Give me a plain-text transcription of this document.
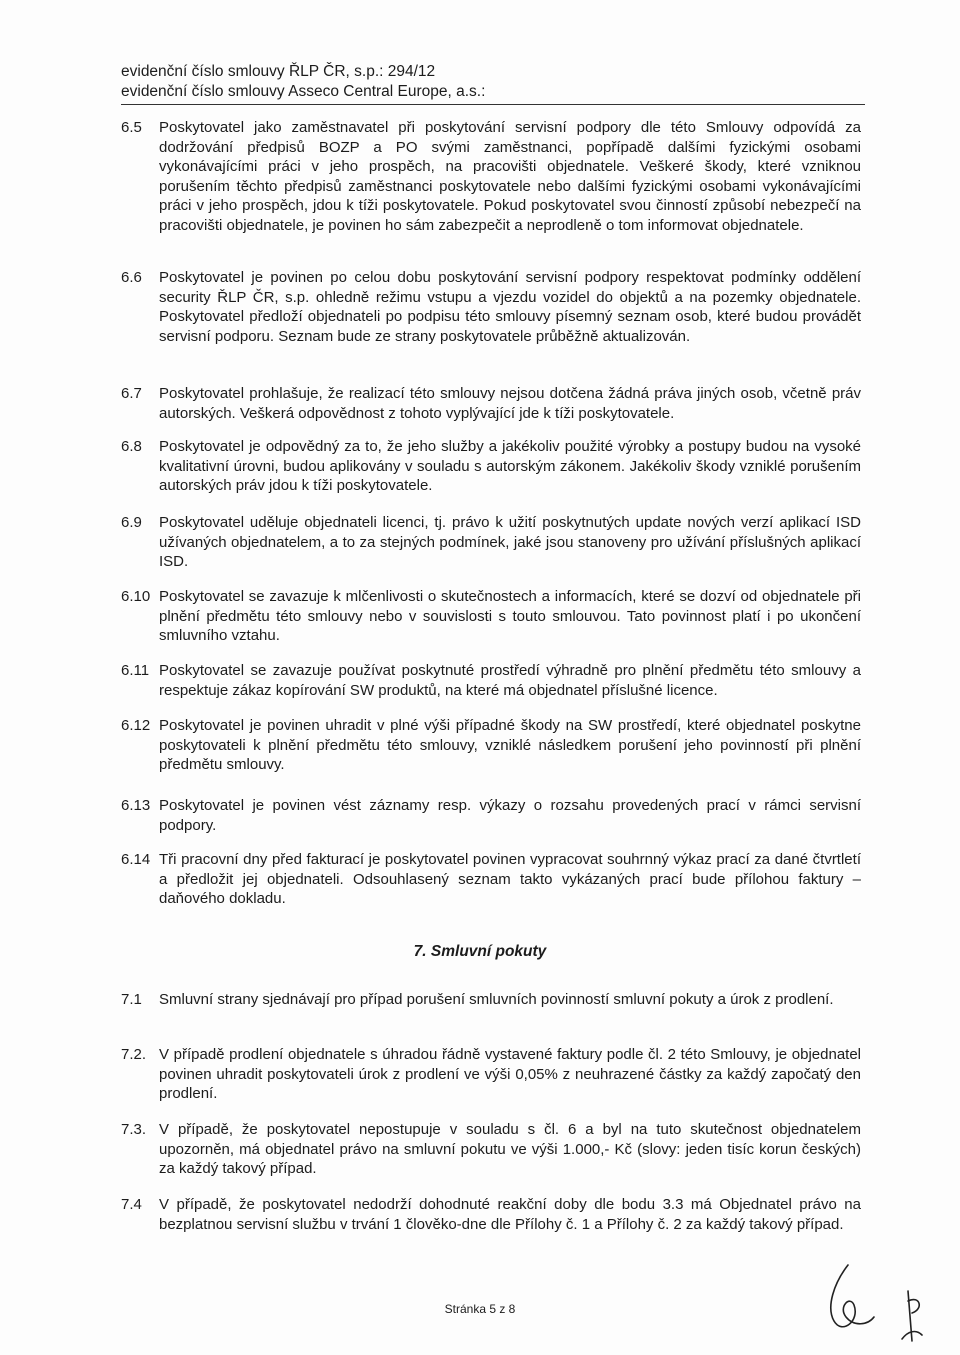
evidenční číslo smlouvy ŘLP ČR, s.p.: 294/12
evidenční číslo smlouvy Asseco Central Europe, a.s.:
6.5	Poskytovatel jako zaměstnavatel při poskytování servisní podpory dle této Smlouvy odpovídá za dodržování předpisů BOZP a PO svými zaměstnanci, popřípadě dalšími fyzickými osobami vykonávajícími práci v jeho prospěch, na pracovišti objednatele. Veškeré škody, které vzniknou porušením těchto předpisů zaměstnanci poskytovatele nebo dalšími fyzickými osobami vykonávajícími práci v jeho prospěch, jdou k tíži poskytovatele. Pokud poskytovatel svou činností způsobí nebezpečí na pracovišti objednatele, je povinen ho sám zabezpečit a neprodleně o tom informovat objednatele.
6.6	Poskytovatel je povinen po celou dobu poskytování servisní podpory respektovat podmínky oddělení security ŘLP ČR, s.p. ohledně režimu vstupu a vjezdu vozidel do objektů a na pozemky objednatele. Poskytovatel předloží objednateli po podpisu této smlouvy písemný seznam osob, které budou provádět servisní podporu. Seznam bude ze strany poskytovatele průběžně aktualizován.
6.7	Poskytovatel prohlašuje, že realizací této smlouvy nejsou dotčena žádná práva jiných osob, včetně práv autorských. Veškerá odpovědnost z tohoto vyplývající jde k tíži poskytovatele.
6.8	Poskytovatel je odpovědný za to, že jeho služby a jakékoliv použité výrobky a postupy budou na vysoké kvalitativní úrovni, budou aplikovány v souladu s autorským zákonem. Jakékoliv škody vzniklé porušením autorských práv jdou k tíži poskytovatele.
6.9	Poskytovatel uděluje objednateli licenci, tj. právo k užití poskytnutých update nových verzí aplikací ISD užívaných objednatelem, a to za stejných podmínek, jaké jsou stanoveny pro užívání příslušných aplikací ISD.
6.10 Poskytovatel se zavazuje k mlčenlivosti o skutečnostech a informacích, které se dozví od objednatele při plnění předmětu této smlouvy nebo v souvislosti s touto smlouvou. Tato povinnost platí i po ukončení smluvního vztahu.
6.11 Poskytovatel se zavazuje používat poskytnuté prostředí výhradně pro plnění předmětu této smlouvy a respektuje zákaz kopírování SW produktů, na které má objednatel příslušné licence.
6.12 Poskytovatel je povinen uhradit v plné výši případné škody na SW prostředí, které objednatel poskytne poskytovateli k plnění předmětu této smlouvy, vzniklé následkem porušení jeho povinností při plnění předmětu smlouvy.
6.13 Poskytovatel je povinen vést záznamy resp. výkazy o rozsahu provedených prací v rámci servisní podpory.
6.14 Tři pracovní dny před fakturací je poskytovatel povinen vypracovat souhrnný výkaz prací za dané čtvrtletí a předložit jej objednateli. Odsouhlasený seznam takto vykázaných prací bude přílohou faktury – daňového dokladu.
7. Smluvní pokuty
7.1	Smluvní strany sjednávají pro případ porušení smluvních povinností smluvní pokuty a úrok z prodlení.
7.2. V případě prodlení objednatele s úhradou řádně vystavené faktury podle čl. 2 této Smlouvy, je objednatel povinen uhradit poskytovateli úrok z prodlení ve výši 0,05% z neuhrazené částky za každý započatý den prodlení.
7.3. V případě, že poskytovatel nepostupuje v souladu s čl. 6 a byl na tuto skutečnost objednatelem upozorněn, má objednatel právo na smluvní pokutu ve výši 1.000,- Kč (slovy: jeden tisíc korun českých) za každý takový případ.
7.4	V případě, že poskytovatel nedodrží dohodnuté reakční doby dle bodu 3.3 má Objednatel právo na bezplatnou servisní službu v trvání 1 člověko-dne dle Přílohy č. 1 a Přílohy č. 2 za každý takový případ.
Stránka 5 z 8
